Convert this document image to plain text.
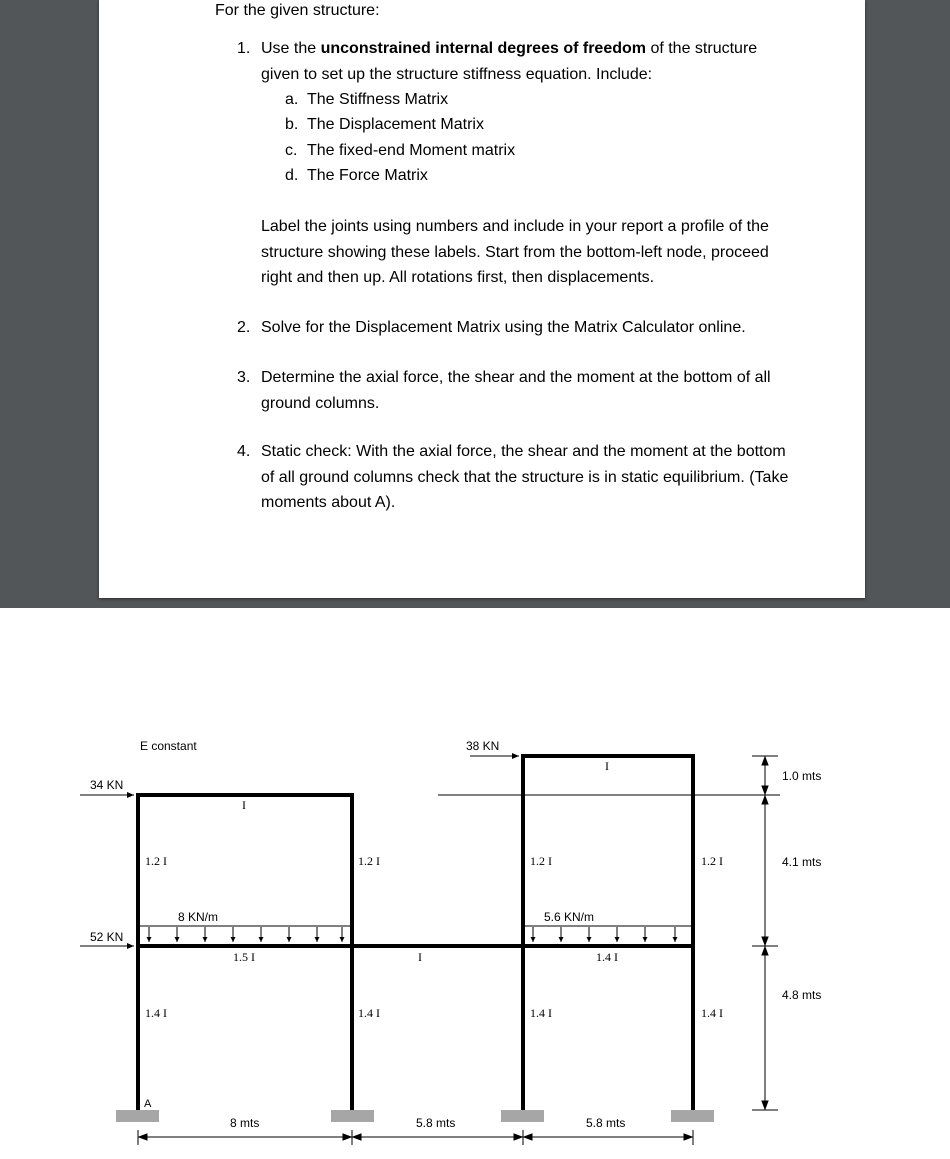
For the given structure:
1. Use the unconstrained internal degrees of freedom of the structure given to set up the structure stiffness equation. Include:
a. The Stiffness Matrix
b. The Displacement Matrix
c. The fixed-end Moment matrix
d. The Force Matrix
Label the joints using numbers and include in your report a profile of the structure showing these labels. Start from the bottom-left node, proceed right and then up. All rotations first, then displacements.
2. Solve for the Displacement Matrix using the Matrix Calculator online.
3. Determine the axial force, the shear and the moment at the bottom of all ground columns.
4. Static check: With the axial force, the shear and the moment at the bottom of all ground columns check that the structure is in static equilibrium. (Take moments about A).
E constant
34 KN
52 KN
38 KN
8 KN/m	5.6 KN/m
I
I
1.2 I	1.2 I	1.2 I	1.2 I
1.5 I	I	1.4 I
1.4 I	1.4 I	1.4 I	1.4 I
A
8 mts	5.8 mts	5.8 mts
1.0 mts
4.1 mts
4.8 mts
